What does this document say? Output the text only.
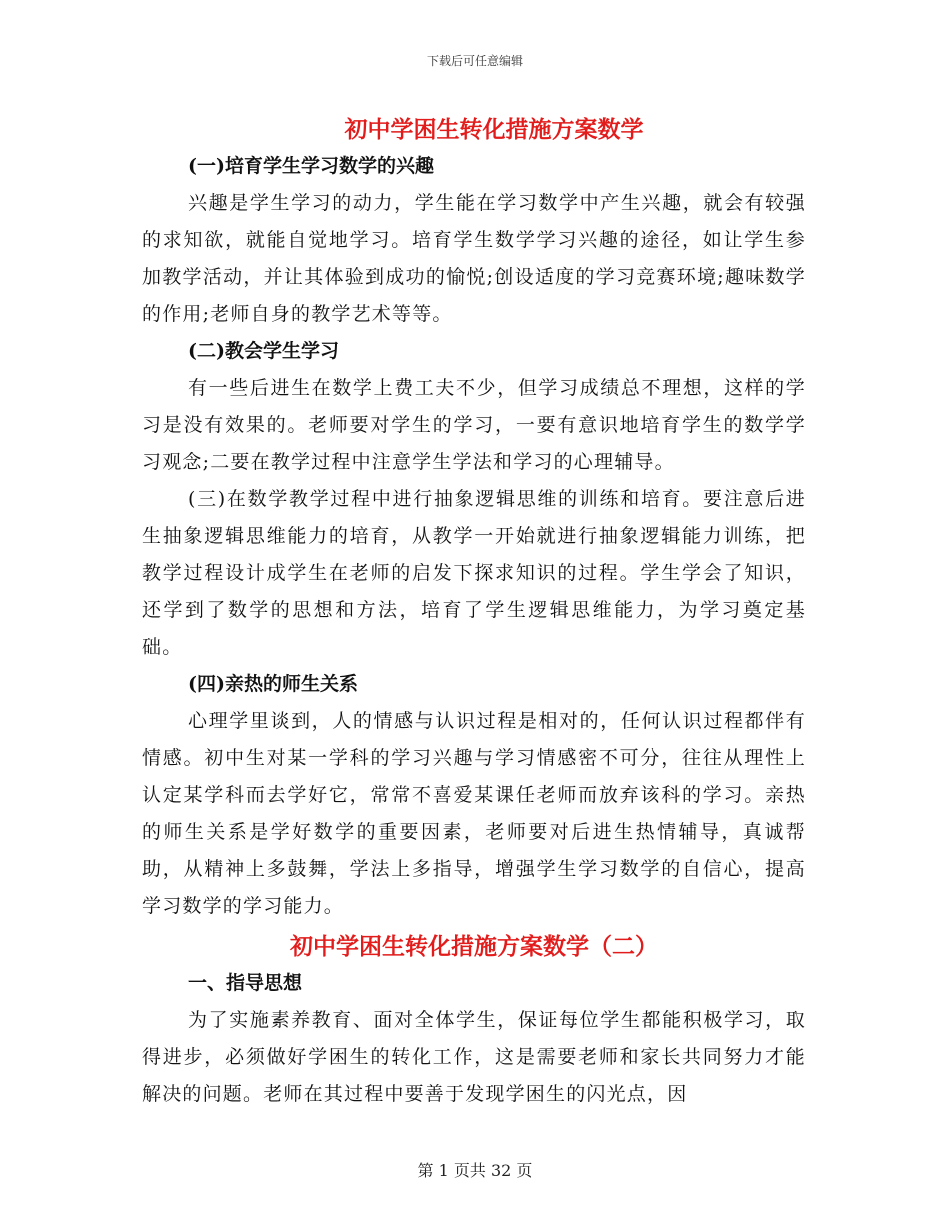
下载后可任意编辑
初中学困生转化措施方案数学
(一)培育学生学习数学的兴趣

兴趣是学生学习的动力，学生能在学习数学中产生兴趣，就会有较强的求知欲，就能自觉地学习。培育学生数学学习兴趣的途径，如让学生参加教学活动，并让其体验到成功的愉悦;创设适度的学习竞赛环境;趣味数学的作用;老师自身的教学艺术等等。

(二)教会学生学习

有一些后进生在数学上费工夫不少，但学习成绩总不理想，这样的学习是没有效果的。老师要对学生的学习，一要有意识地培育学生的数学学习观念;二要在教学过程中注意学生学法和学习的心理辅导。

(三)在数学教学过程中进行抽象逻辑思维的训练和培育。要注意后进生抽象逻辑思维能力的培育，从教学一开始就进行抽象逻辑能力训练，把教学过程设计成学生在老师的启发下探求知识的过程。学生学会了知识，还学到了数学的思想和方法，培育了学生逻辑思维能力，为学习奠定基础。

(四)亲热的师生关系

心理学里谈到，人的情感与认识过程是相对的，任何认识过程都伴有情感。初中生对某一学科的学习兴趣与学习情感密不可分，往往从理性上认定某学科而去学好它，常常不喜爱某课任老师而放弃该科的学习。亲热的师生关系是学好数学的重要因素，老师要对后进生热情辅导，真诚帮助，从精神上多鼓舞，学法上多指导，增强学生学习数学的自信心，提高学习数学的学习能力。

初中学困生转化措施方案数学（二）
一、指导思想

为了实施素养教育、面对全体学生，保证每位学生都能积极学习，取得进步，必须做好学困生的转化工作，这是需要老师和家长共同努力才能解决的问题。老师在其过程中要善于发现学困生的闪光点，因

第 1 页共 32 页
